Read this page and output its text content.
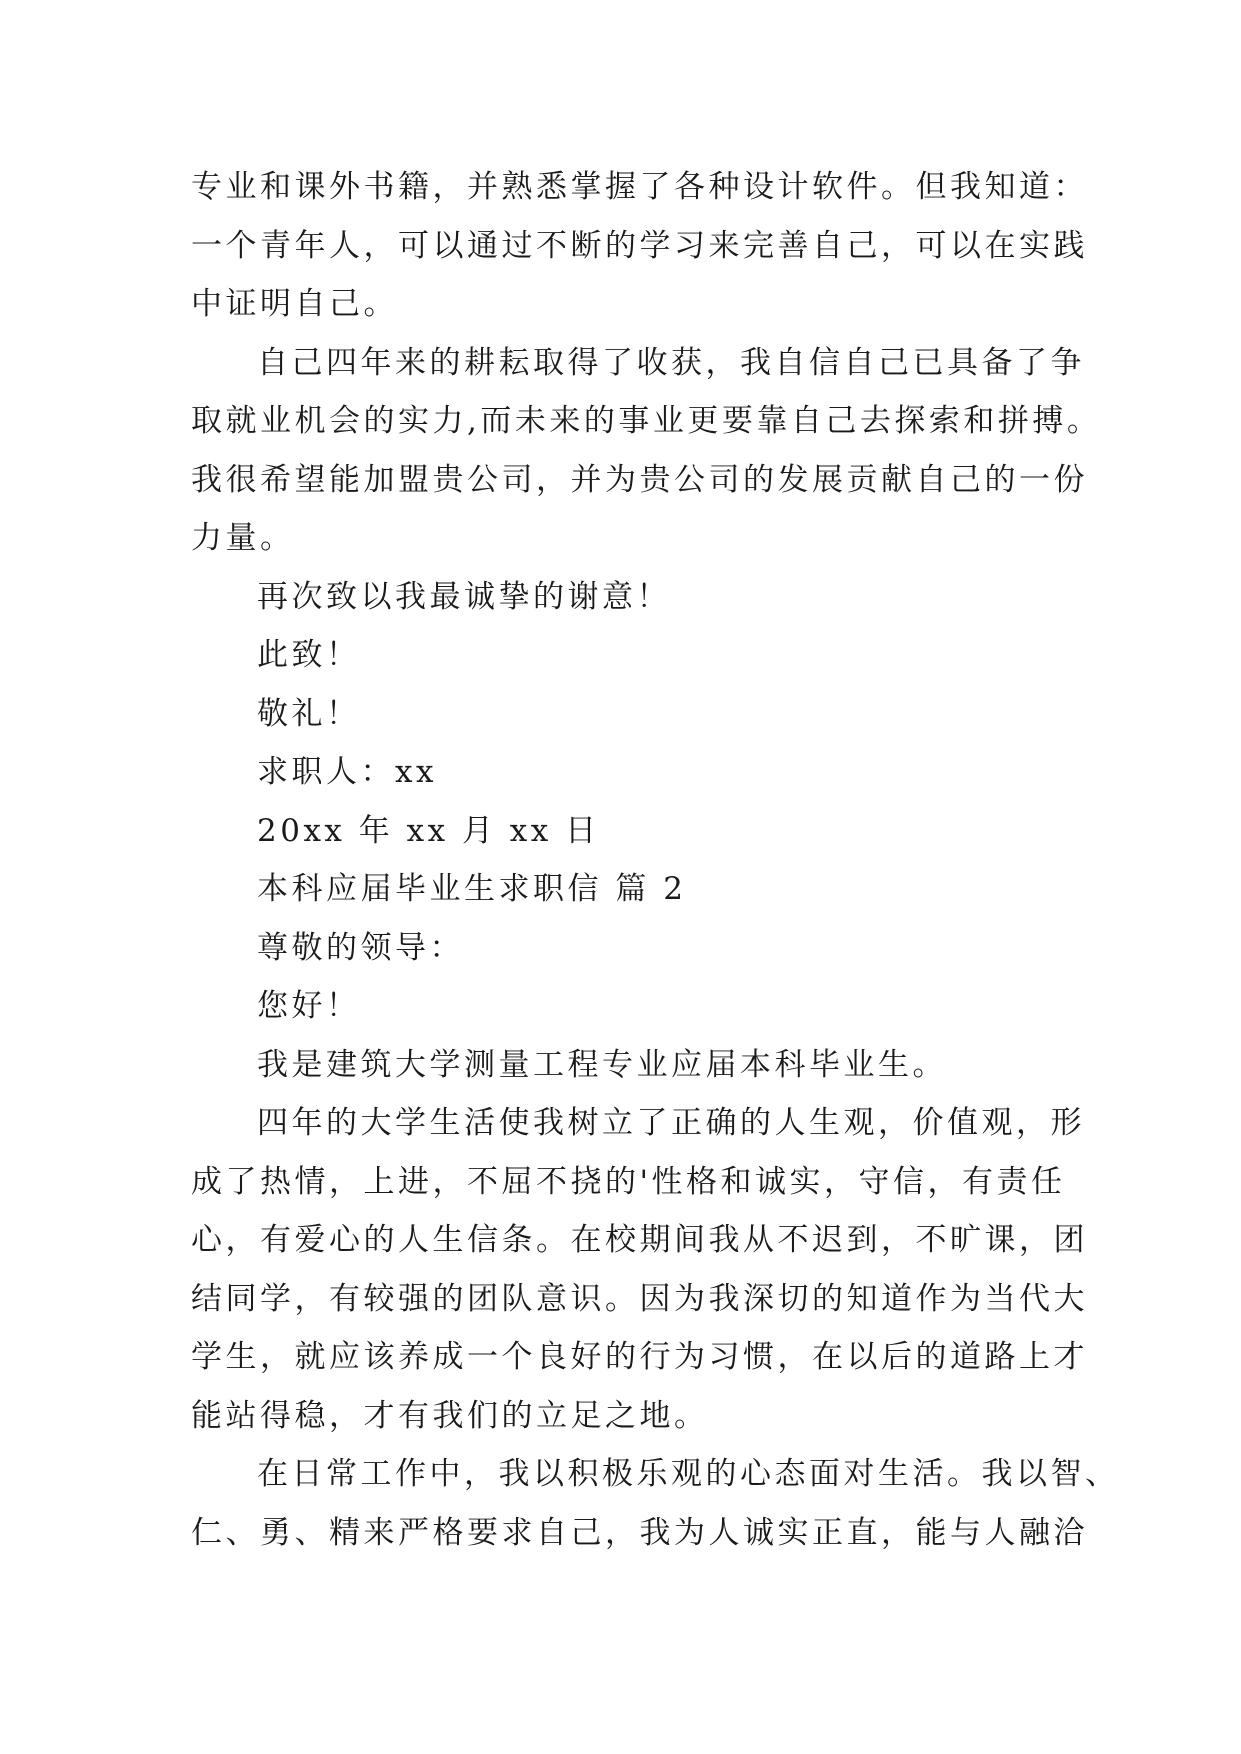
专业和课外书籍，并熟悉掌握了各种设计软件。但我知道：
一个青年人，可以通过不断的学习来完善自己，可以在实践
中证明自己。
自己四年来的耕耘取得了收获，我自信自己已具备了争
取就业机会的实力,而未来的事业更要靠自己去探索和拼搏。
我很希望能加盟贵公司，并为贵公司的发展贡献自己的一份
力量。
再次致以我最诚挚的谢意！
此致！
敬礼！
求职人：xx
20xx 年 xx 月 xx 日
本科应届毕业生求职信 篇 2
尊敬的领导：
您好！
我是建筑大学测量工程专业应届本科毕业生。
四年的大学生活使我树立了正确的人生观，价值观，形
成了热情，上进，不屈不挠的'性格和诚实，守信，有责任
心，有爱心的人生信条。在校期间我从不迟到，不旷课，团
结同学，有较强的团队意识。因为我深切的知道作为当代大
学生，就应该养成一个良好的行为习惯，在以后的道路上才
能站得稳，才有我们的立足之地。
在日常工作中，我以积极乐观的心态面对生活。我以智、
仁、勇、精来严格要求自己，我为人诚实正直，能与人融洽
